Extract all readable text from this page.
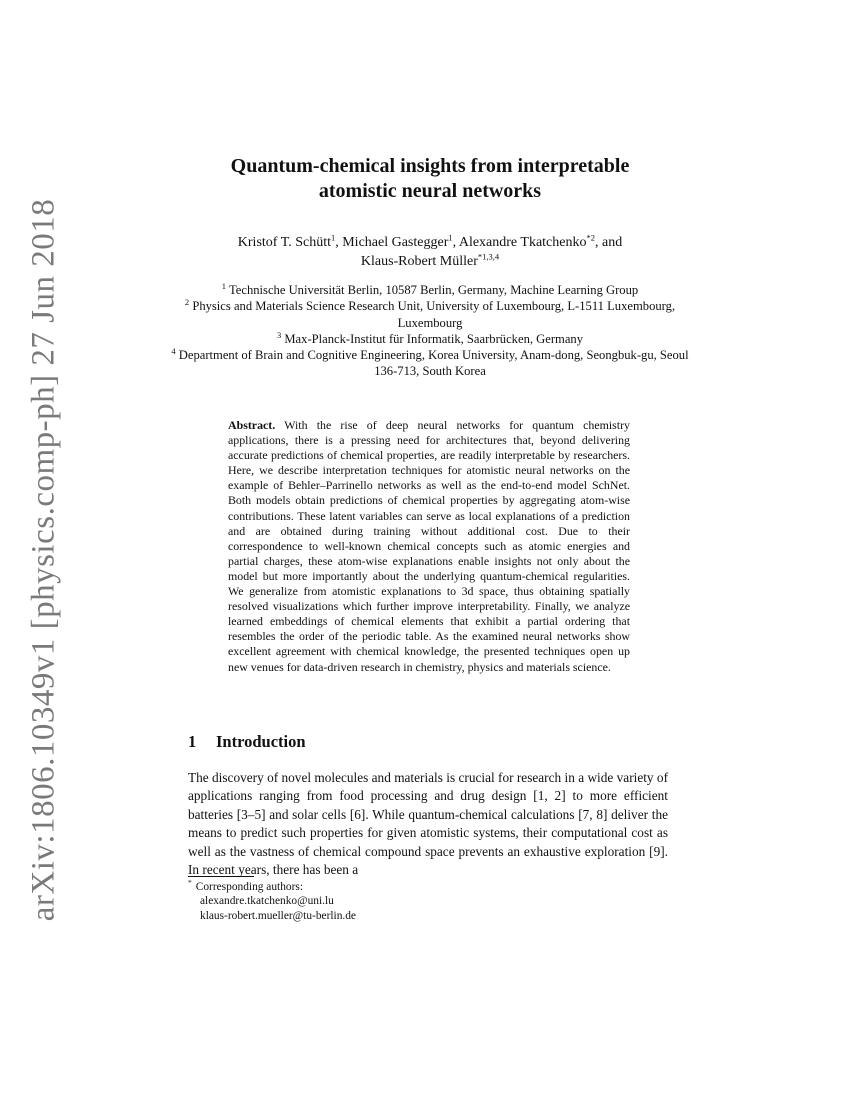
arXiv:1806.10349v1 [physics.comp-ph] 27 Jun 2018
Quantum-chemical insights from interpretable
atomistic neural networks
Kristof T. Schütt$^1$, Michael Gastegger$^1$, Alexandre Tkatchenko$^{*2}$, and
Klaus-Robert Müller$^{*1,3,4}$
$^1$ Technische Universität Berlin, 10587 Berlin, Germany, Machine Learning Group
$^2$ Physics and Materials Science Research Unit, University of Luxembourg, L-1511 Luxembourg, Luxembourg
$^3$ Max-Planck-Institut für Informatik, Saarbrücken, Germany
$^4$ Department of Brain and Cognitive Engineering, Korea University, Anam-dong, Seongbuk-gu, Seoul 136-713, South Korea
Abstract. With the rise of deep neural networks for quantum chemistry applications, there is a pressing need for architectures that, beyond delivering accurate predictions of chemical properties, are readily interpretable by researchers. Here, we describe interpretation techniques for atomistic neural networks on the example of Behler–Parrinello networks as well as the end-to-end model SchNet. Both models obtain predictions of chemical properties by aggregating atom-wise contributions. These latent variables can serve as local explanations of a prediction and are obtained during training without additional cost. Due to their correspondence to well-known chemical concepts such as atomic energies and partial charges, these atom-wise explanations enable insights not only about the model but more importantly about the underlying quantum-chemical regularities. We generalize from atomistic explanations to 3d space, thus obtaining spatially resolved visualizations which further improve interpretability. Finally, we analyze learned embeddings of chemical elements that exhibit a partial ordering that resembles the order of the periodic table. As the examined neural networks show excellent agreement with chemical knowledge, the presented techniques open up new venues for data-driven research in chemistry, physics and materials science.
1 Introduction
The discovery of novel molecules and materials is crucial for research in a wide variety of applications ranging from food processing and drug design [1, 2] to more efficient batteries [3–5] and solar cells [6]. While quantum-chemical calculations [7, 8] deliver the means to predict such properties for given atomistic systems, their computational cost as well as the vastness of chemical compound space prevents an exhaustive exploration [9]. In recent years, there has been a
* Corresponding authors:
alexandre.tkatchenko@uni.lu
klaus-robert.mueller@tu-berlin.de
